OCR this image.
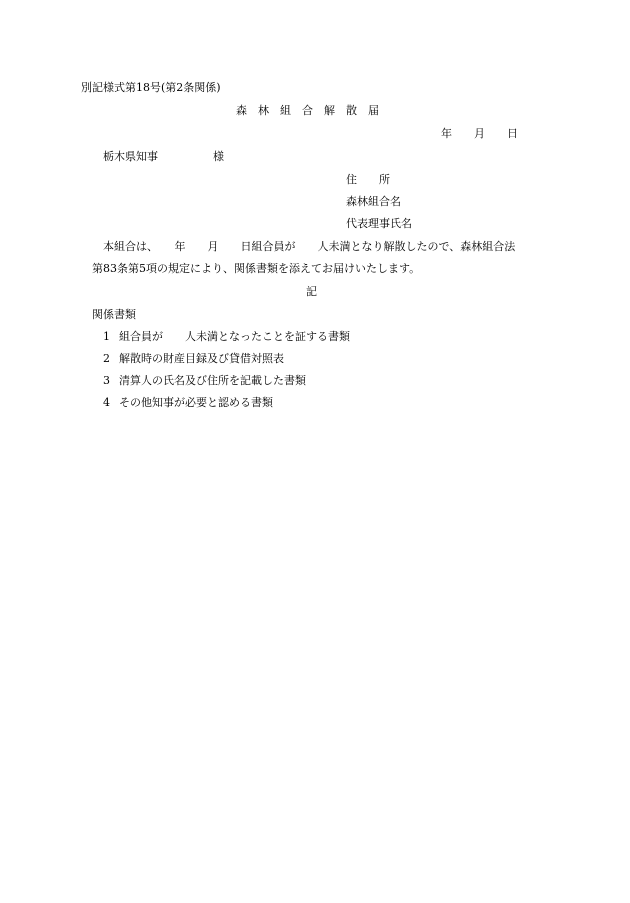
別記様式第18号(第2条関係)
森　林　組　合　解　散　届
年　　月　　日
栃木県知事　　　　　様
住　　所
森林組合名
代表理事氏名
本組合は、　　年　　月　　日組合員が　　人未満となり解散したので、森林組合法
第83条第5項の規定により、関係書類を添えてお届けいたします。
記
関係書類
1 組合員が　　人未満となったことを証する書類
2 解散時の財産目録及び貸借対照表
3 清算人の氏名及び住所を記載した書類
4 その他知事が必要と認める書類
